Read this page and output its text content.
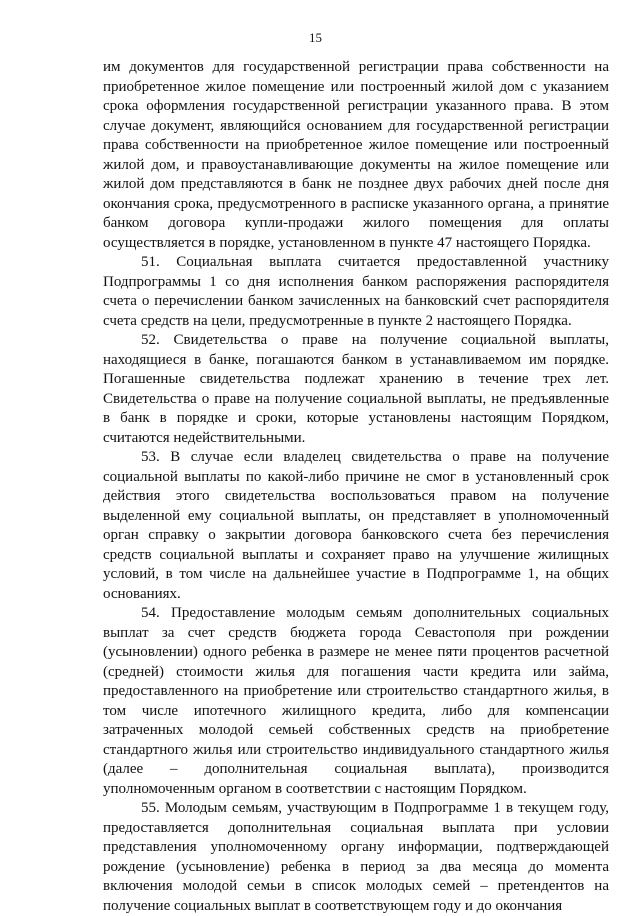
15

им документов для государственной регистрации права собственности на приобретенное жилое помещение или построенный жилой дом с указанием срока оформления государственной регистрации указанного права. В этом случае документ, являющийся основанием для государственной регистрации права собственности на приобретенное жилое помещение или построенный жилой дом, и правоустанавливающие документы на жилое помещение или жилой дом представляются в банк не позднее двух рабочих дней после дня окончания срока, предусмотренного в расписке указанного органа, а принятие банком договора купли-продажи жилого помещения для оплаты осуществляется в порядке, установленном в пункте 47 настоящего Порядка.

51. Социальная выплата считается предоставленной участнику Подпрограммы 1 со дня исполнения банком распоряжения распорядителя счета о перечислении банком зачисленных на банковский счет распорядителя счета средств на цели, предусмотренные в пункте 2 настоящего Порядка.

52. Свидетельства о праве на получение социальной выплаты, находящиеся в банке, погашаются банком в устанавливаемом им порядке. Погашенные свидетельства подлежат хранению в течение трех лет. Свидетельства о праве на получение социальной выплаты, не предъявленные в банк в порядке и сроки, которые установлены настоящим Порядком, считаются недействительными.

53. В случае если владелец свидетельства о праве на получение социальной выплаты по какой-либо причине не смог в установленный срок действия этого свидетельства воспользоваться правом на получение выделенной ему социальной выплаты, он представляет в уполномоченный орган справку о закрытии договора банковского счета без перечисления средств социальной выплаты и сохраняет право на улучшение жилищных условий, в том числе на дальнейшее участие в Подпрограмме 1, на общих основаниях.

54. Предоставление молодым семьям дополнительных социальных выплат за счет средств бюджета города Севастополя при рождении (усыновлении) одного ребенка в размере не менее пяти процентов расчетной (средней) стоимости жилья для погашения части кредита или займа, предоставленного на приобретение или строительство стандартного жилья, в том числе ипотечного жилищного кредита, либо для компенсации затраченных молодой семьей собственных средств на приобретение стандартного жилья или строительство индивидуального стандартного жилья (далее – дополнительная социальная выплата), производится уполномоченным органом в соответствии с настоящим Порядком.

55. Молодым семьям, участвующим в Подпрограмме 1 в текущем году, предоставляется дополнительная социальная выплата при условии представления уполномоченному органу информации, подтверждающей рождение (усыновление) ребенка в период за два месяца до момента включения молодой семьи в список молодых семей – претендентов на получение социальных выплат в соответствующем году и до окончания
